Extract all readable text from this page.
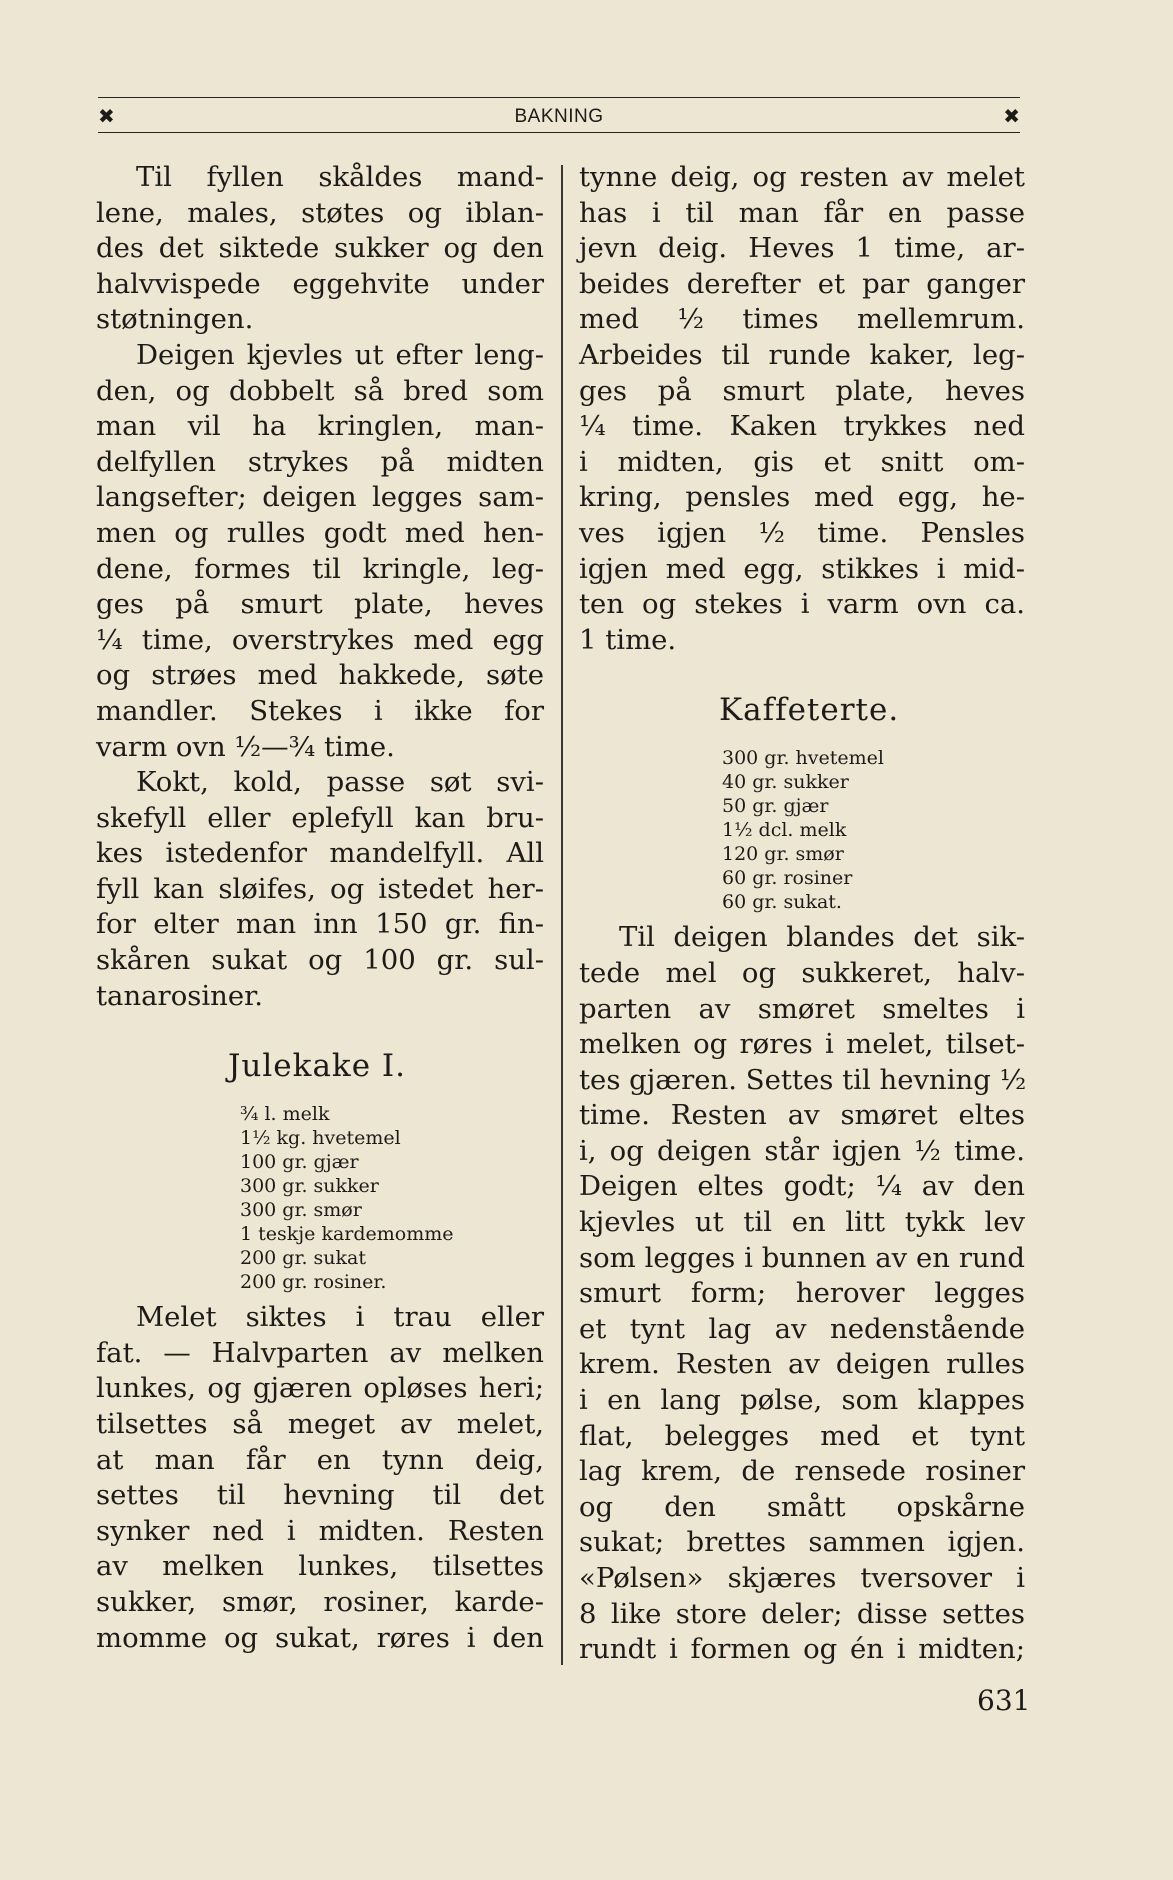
✖	BAKNING	✖
Til fyllen skåldes mand-
lene, males, støtes og iblan-
des det siktede sukker og den
halvvispede eggehvite under
støtningen.
Deigen kjevles ut efter leng-
den, og dobbelt så bred som
man vil ha kringlen, man-
delfyllen strykes på midten
langsefter; deigen legges sam-
men og rulles godt med hen-
dene, formes til kringle, leg-
ges på smurt plate, heves
¼ time, overstrykes med egg
og strøes med hakkede, søte
mandler. Stekes i ikke for
varm ovn ½—¾ time.
Kokt, kold, passe søt svi-
skefyll eller eplefyll kan bru-
kes istedenfor mandelfyll. All
fyll kan sløifes, og istedet her-
for elter man inn 150 gr. fin-
skåren sukat og 100 gr. sul-
tanarosiner.
Julekake I.
¾ l. melk
1½ kg. hvetemel
100 gr. gjær
300 gr. sukker
300 gr. smør
1 teskje kardemomme
200 gr. sukat
200 gr. rosiner.
Melet siktes i trau eller
fat. — Halvparten av melken
lunkes, og gjæren opløses heri;
tilsettes så meget av melet,
at man får en tynn deig,
settes til hevning til det
synker ned i midten. Resten
av melken lunkes, tilsettes
sukker, smør, rosiner, karde-
momme og sukat, røres i den
tynne deig, og resten av melet
has i til man får en passe
jevn deig. Heves 1 time, ar-
beides derefter et par ganger
med ½ times mellemrum.
Arbeides til runde kaker, leg-
ges på smurt plate, heves
¼ time. Kaken trykkes ned
i midten, gis et snitt om-
kring, pensles med egg, he-
ves igjen ½ time. Pensles
igjen med egg, stikkes i mid-
ten og stekes i varm ovn ca.
1 time.
Kaffeterte.
300 gr. hvetemel
40 gr. sukker
50 gr. gjær
1½ dcl. melk
120 gr. smør
60 gr. rosiner
60 gr. sukat.
Til deigen blandes det sik-
tede mel og sukkeret, halv-
parten av smøret smeltes i
melken og røres i melet, tilset-
tes gjæren. Settes til hevning ½
time. Resten av smøret eltes
i, og deigen står igjen ½ time.
Deigen eltes godt; ¼ av den
kjevles ut til en litt tykk lev
som legges i bunnen av en rund
smurt form; herover legges
et tynt lag av nedenstående
krem. Resten av deigen rulles
i en lang pølse, som klappes
flat, belegges med et tynt
lag krem, de rensede rosiner
og den smått opskårne
sukat; brettes sammen igjen.
«Pølsen» skjæres tversover i
8 like store deler; disse settes
rundt i formen og én i midten;
631
